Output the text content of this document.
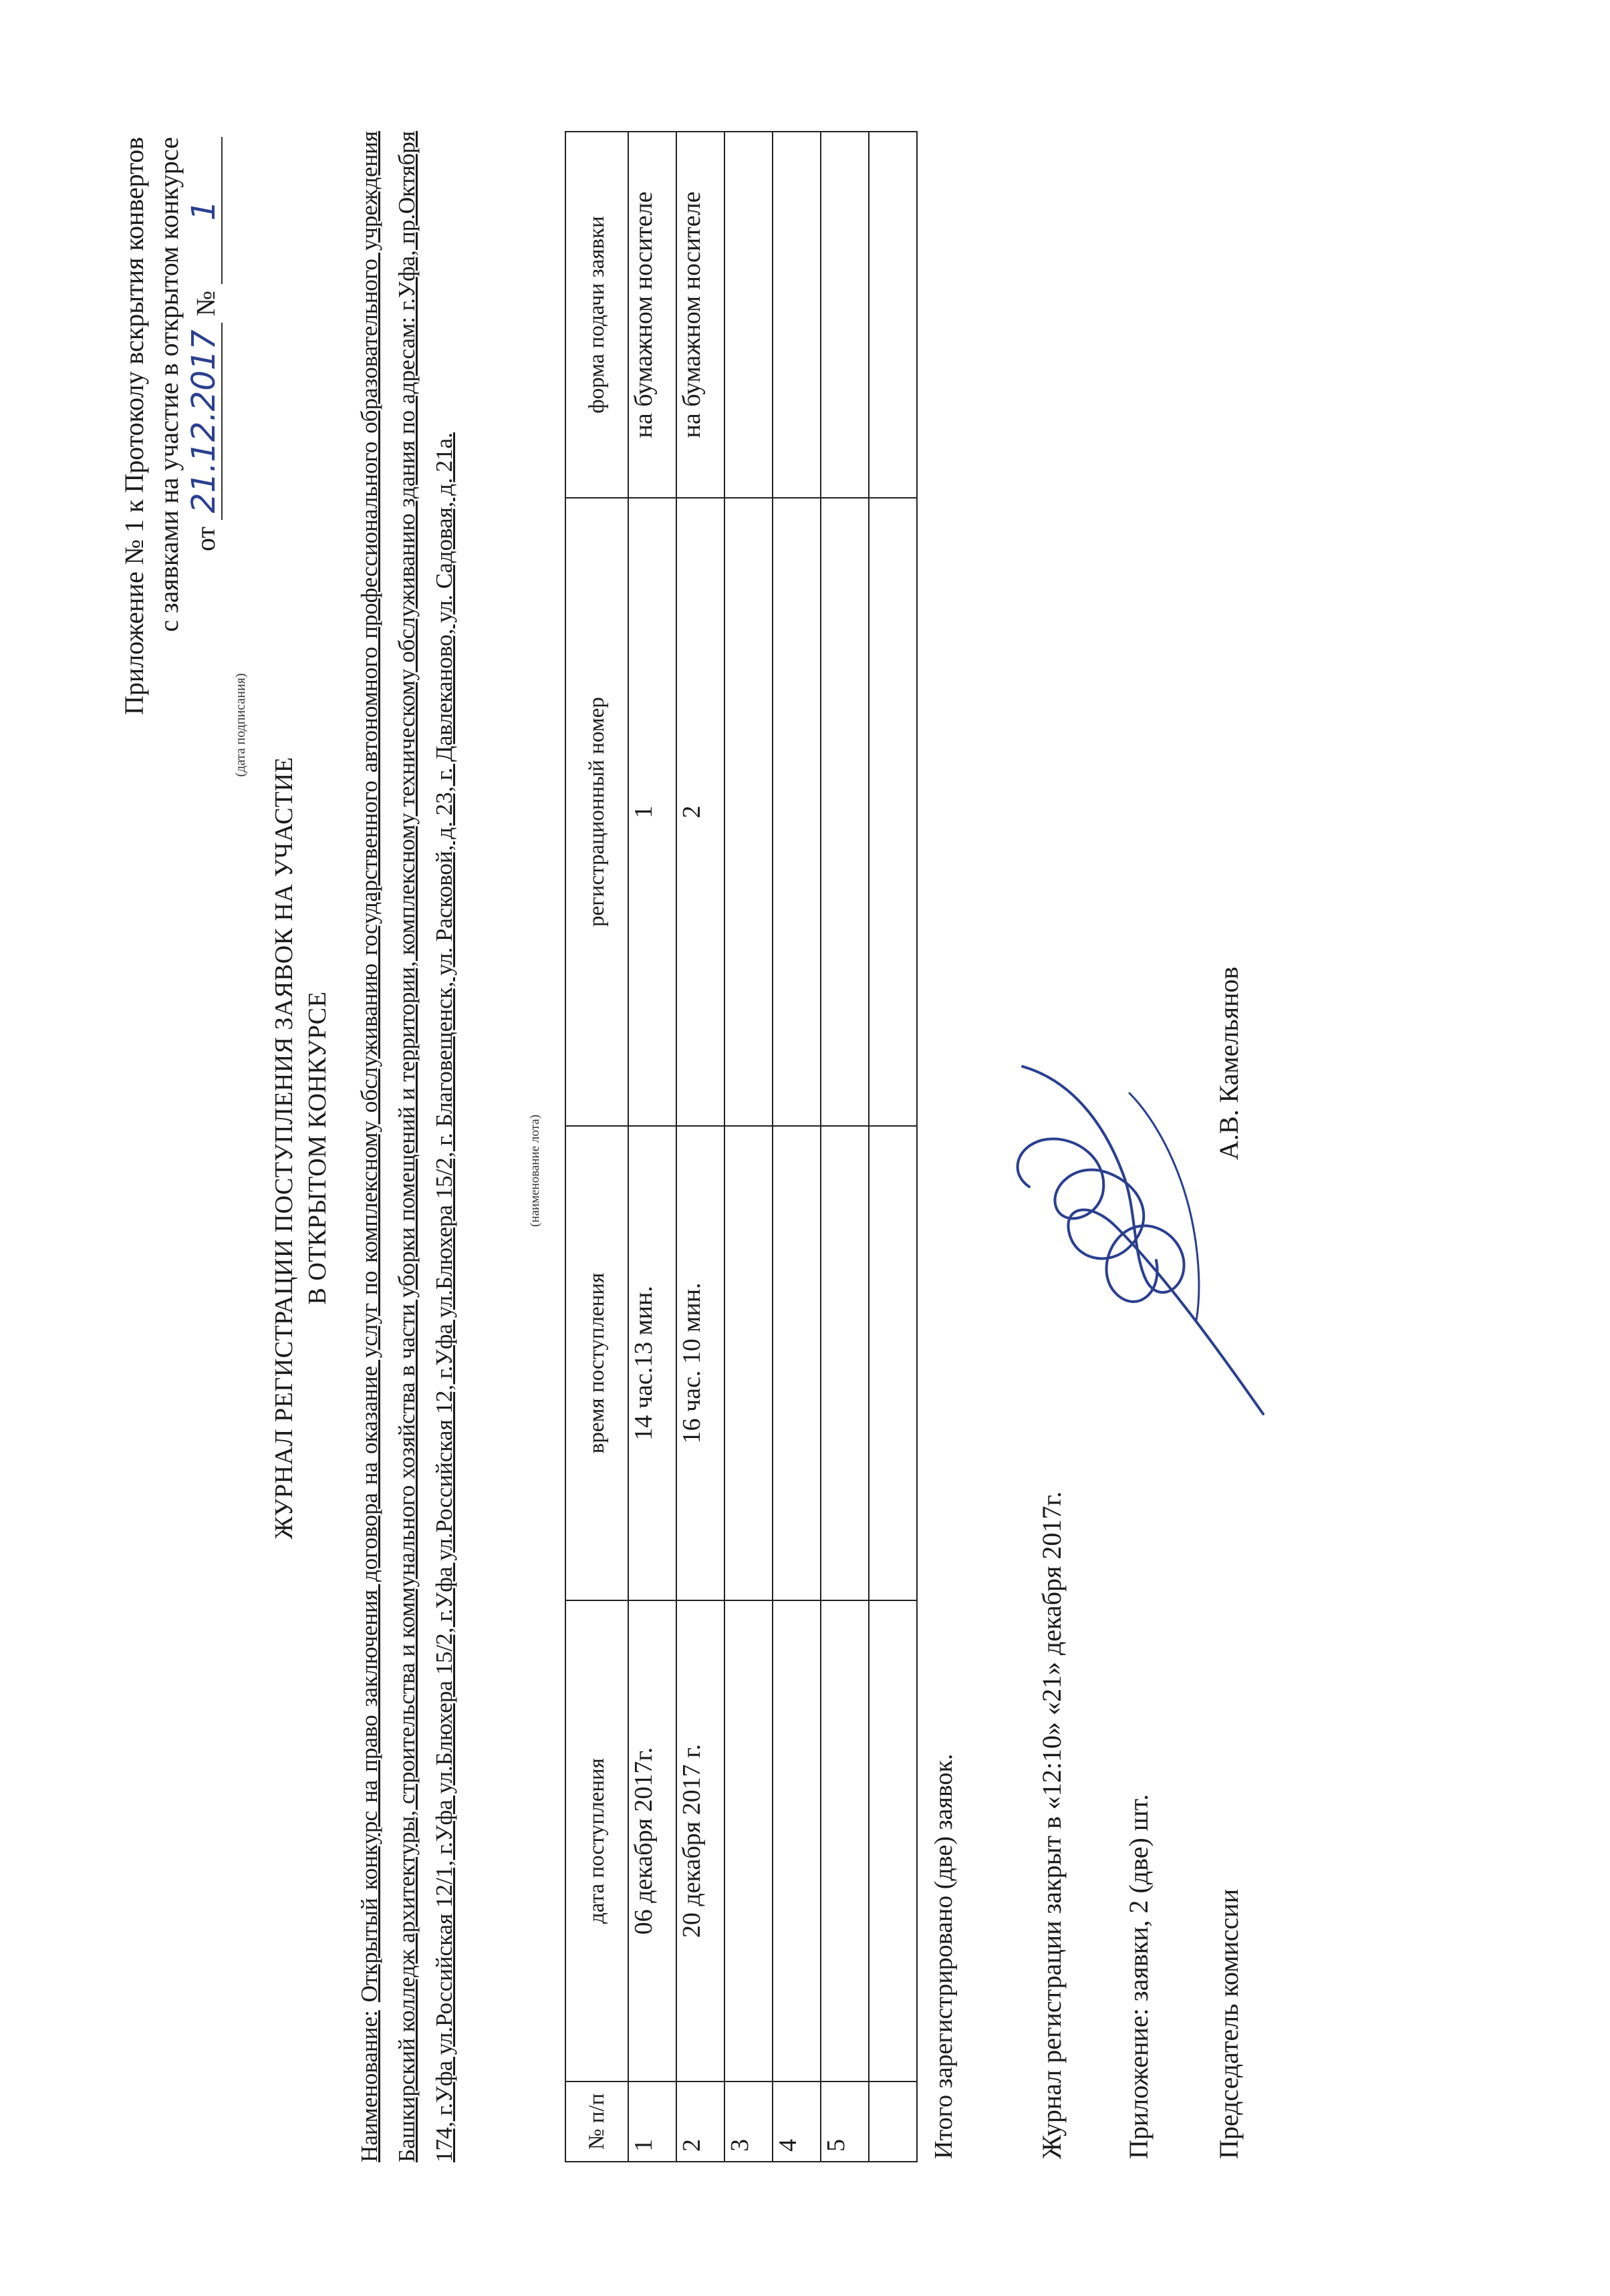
Приложение № 1 к Протоколу вскрытия конвертов с заявками на участие в открытом конкурсе от 21.12.2017 № 1
(дата подписания)
ЖУРНАЛ РЕГИСТРАЦИИ ПОСТУПЛЕНИЯ ЗАЯВОК НА УЧАСТИЕ В ОТКРЫТОМ КОНКУРСЕ
Наименование: Открытый конкурс на право заключения договора на оказание услуг по комплексному обслуживанию государственного автономного профессионального образовательного учреждения Башкирский колледж архитектуры, строительства и коммунального хозяйства в части уборки помещений и территории, комплексному техническому обслуживанию здания по адресам: г.Уфа, пр.Октября 174, г.Уфа ул.Российская 12/1, г.Уфа ул.Блюхера 15/2, г.Уфа ул.Российская 12, г.Уфа ул.Блюхера 15/2, г. Благовещенск, ул. Расковой, д. 23, г. Давлеканово, ул. Садовая, д. 21а.	(наименование лота)
№ п/п	дата поступления	время поступления	регистрационный номер	форма подачи заявки
1	06 декабря 2017г.	14 час.13 мин.	1	на бумажном носителе
2	20 декабря 2017 г.	16 час. 10 мин.	2	на бумажном носителе
3				
4				
5				
					Итого зарегистрировано (две) заявок.	Журнал регистрации закрыт в «12:10» «21» декабря 2017г. Приложение: заявки, 2 (две) шт. Председатель комиссии
А.В. Камельянов
